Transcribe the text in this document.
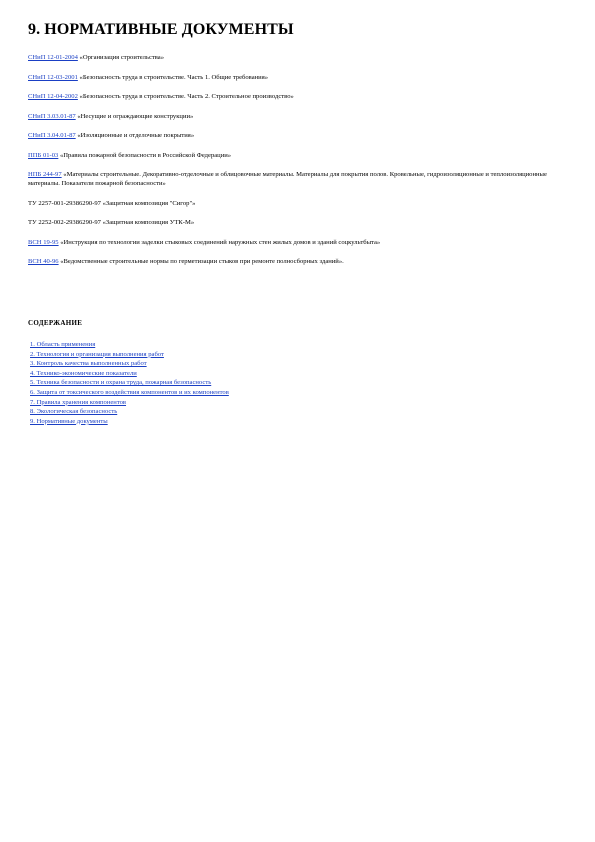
9. НОРМАТИВНЫЕ ДОКУМЕНТЫ

СНиП 12-01-2004 «Организация строительства»

СНиП 12-03-2001 «Безопасность труда в строительстве. Часть 1. Общие требования»

СНиП 12-04-2002 «Безопасность труда в строительстве. Часть 2. Строительное производство»

СНиП 3.03.01-87 «Несущие и ограждающие конструкции»

СНиП 3.04.01-87 «Изоляционные и отделочные покрытия»

ППБ 01-03 «Правила пожарной безопасности в Российской Федерации»

НПБ 244-97 «Материалы строительные. Декоративно-отделочные и облицовочные материалы. Материалы для покрытия полов. Кровельные, гидроизоляционные и теплоизоляционные материалы. Показатели пожарной безопасности»

ТУ 2257-001-29386290-97 «Защитная композиция "Сигор"»

ТУ 2252-002-29386290-97 «Защитная композиция УТК-М»

ВСН 19-95 «Инструкция по технологии заделки стыковых соединений наружных стен жилых домов и зданий соцкультбыта»

ВСН 40-96 «Ведомственные строительные нормы по герметизации стыков при ремонте полносборных зданий».

СОДЕРЖАНИЕ
1. Область применения
2. Технология и организация выполнения работ
3. Контроль качества выполненных работ
4. Технико-экономические показатели
5. Техника безопасности и охрана труда, пожарная безопасность
6. Защита от токсического воздействия компонентов и их компонентов
7. Правила хранения компонентов
8. Экологическая безопасность
9. Нормативные документы
